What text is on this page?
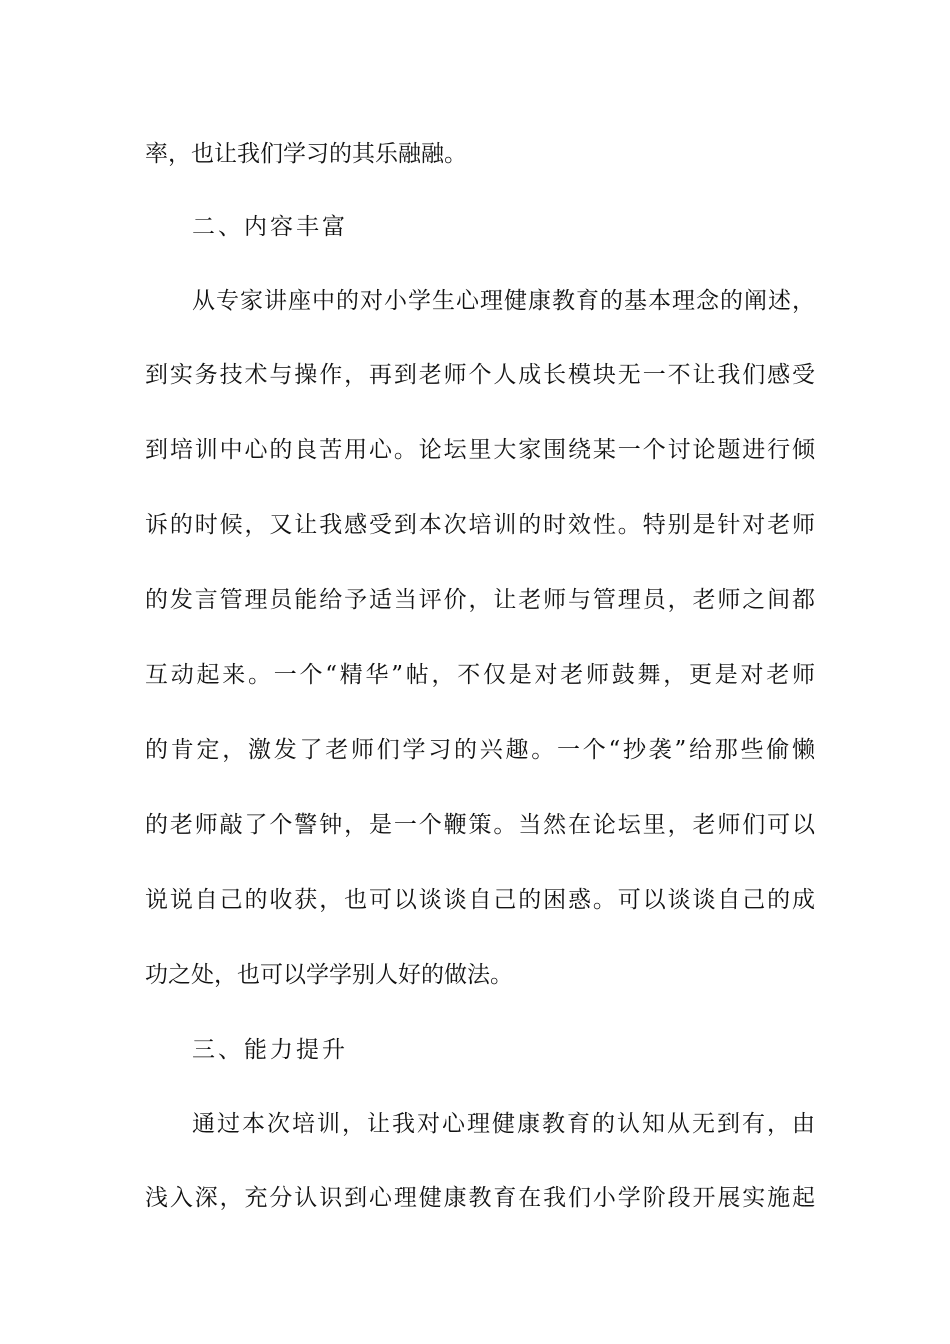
率，也让我们学习的其乐融融。
二、内容丰富
从专家讲座中的对小学生心理健康教育的基本理念的阐述，
到实务技术与操作，再到老师个人成长模块无一不让我们感受
到培训中心的良苦用心。论坛里大家围绕某一个讨论题进行倾
诉的时候，又让我感受到本次培训的时效性。特别是针对老师
的发言管理员能给予适当评价，让老师与管理员，老师之间都
互动起来。一个“精华”帖，不仅是对老师鼓舞，更是对老师
的肯定，激发了老师们学习的兴趣。一个“抄袭”给那些偷懒
的老师敲了个警钟，是一个鞭策。当然在论坛里，老师们可以
说说自己的收获，也可以谈谈自己的困惑。可以谈谈自己的成
功之处，也可以学学别人好的做法。
三、能力提升
通过本次培训，让我对心理健康教育的认知从无到有，由
浅入深，充分认识到心理健康教育在我们小学阶段开展实施起
